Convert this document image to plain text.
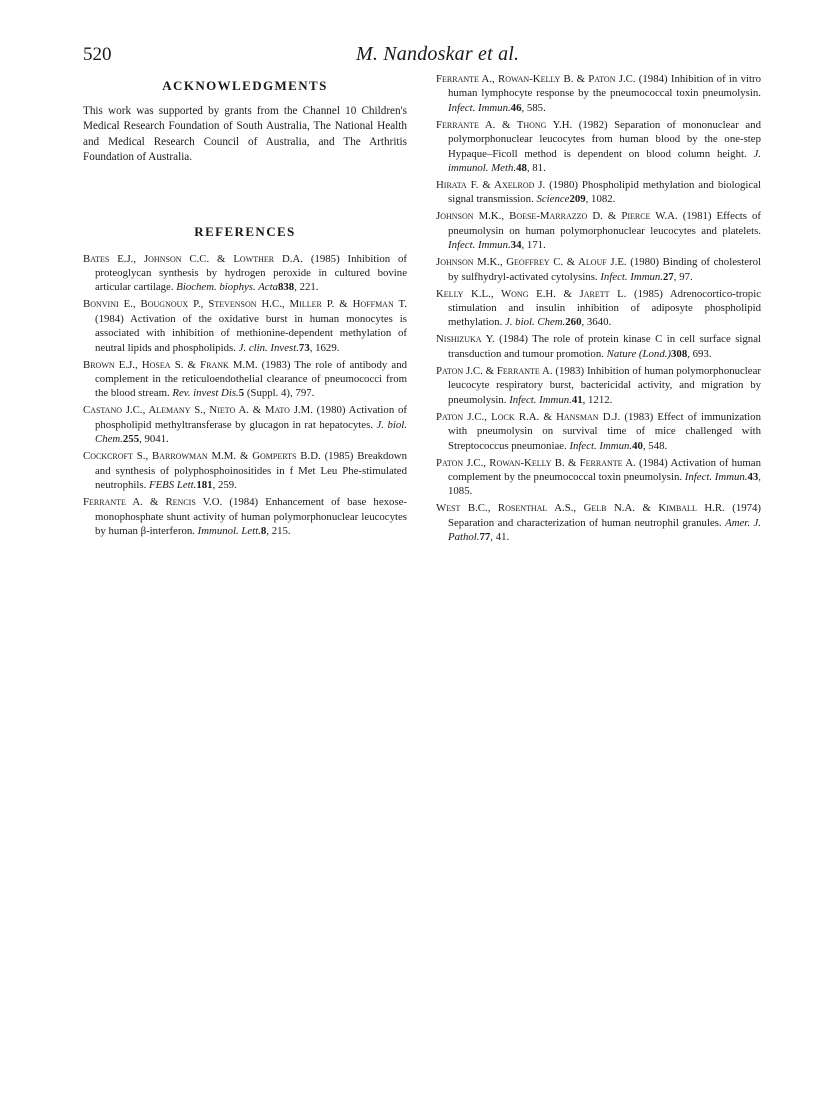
520	M. Nandoskar et al.
ACKNOWLEDGMENTS

This work was supported by grants from the Channel 10 Children's Medical Research Foundation of South Australia, The National Health and Medical Research Council of Australia, and The Arthritis Foundation of Australia.

REFERENCES

Bates E.J., Johnson C.C. & Lowther D.A. (1985) Inhibition of proteoglycan synthesis by hydrogen peroxide in cultured bovine articular cartilage. Biochem. biophys. Acta838, 221.

Bonvini E., Bougnoux P., Stevenson H.C., Miller P. & Hoffman T. (1984) Activation of the oxidative burst in human monocytes is associated with inhibition of methionine-dependent methylation of neutral lipids and phospholipids. J. clin. Invest.73, 1629.

Brown E.J., Hosea S. & Frank M.M. (1983) The role of antibody and complement in the reticuloendothelial clearance of pneumococci from the blood stream. Rev. invest Dis.5 (Suppl. 4), 797.

Castano J.C., Alemany S., Nieto A. & Mato J.M. (1980) Activation of phospholipid methyltransferase by glucagon in rat hepatocytes. J. biol. Chem.255, 9041.

Cockcroft S., Barrowman M.M. & Gomperts B.D. (1985) Breakdown and synthesis of polyphosphoinositides in f Met Leu Phe-stimulated neutrophils. FEBS Lett.181, 259.

Ferrante A. & Rencis V.O. (1984) Enhancement of base hexose-monophosphate shunt activity of human polymorphonuclear leucocytes by human β-interferon. Immunol. Lett.8, 215.

Ferrante A., Rowan-Kelly B. & Paton J.C. (1984) Inhibition of in vitro human lymphocyte response by the pneumococcal toxin pneumolysin. Infect. Immun.46, 585.

Ferrante A. & Thong Y.H. (1982) Separation of mononuclear and polymorphonuclear leucocytes from human blood by the one-step Hypaque–Ficoll method is dependent on blood column height. J. immunol. Meth.48, 81.

Hirata F. & Axelrod J. (1980) Phospholipid methylation and biological signal transmission. Science209, 1082.

Johnson M.K., Boese-Marrazzo D. & Pierce W.A. (1981) Effects of pneumolysin on human polymorphonuclear leucocytes and platelets. Infect. Immun.34, 171.

Johnson M.K., Geoffrey C. & Alouf J.E. (1980) Binding of cholesterol by sulfhydryl-activated cytolysins. Infect. Immun.27, 97.

Kelly K.L., Wong E.H. & Jarett L. (1985) Adrenocortico-tropic stimulation and insulin inhibition of adiposyte phospholipid methylation. J. biol. Chem.260, 3640.

Nishizuka Y. (1984) The role of protein kinase C in cell surface signal transduction and tumour promotion. Nature (Lond.)308, 693.

Paton J.C. & Ferrante A. (1983) Inhibition of human polymorphonuclear leucocyte respiratory burst, bactericidal activity, and migration by pneumolysin. Infect. Immun.41, 1212.

Paton J.C., Lock R.A. & Hansman D.J. (1983) Effect of immunization with pneumolysin on survival time of mice challenged with Streptococcus pneumoniae. Infect. Immun.40, 548.

Paton J.C., Rowan-Kelly B. & Ferrante A. (1984) Activation of human complement by the pneumococcal toxin pneumolysin. Infect. Immun.43, 1085.

West B.C., Rosenthal A.S., Gelb N.A. & Kimball H.R. (1974) Separation and characterization of human neutrophil granules. Amer. J. Pathol.77, 41.
